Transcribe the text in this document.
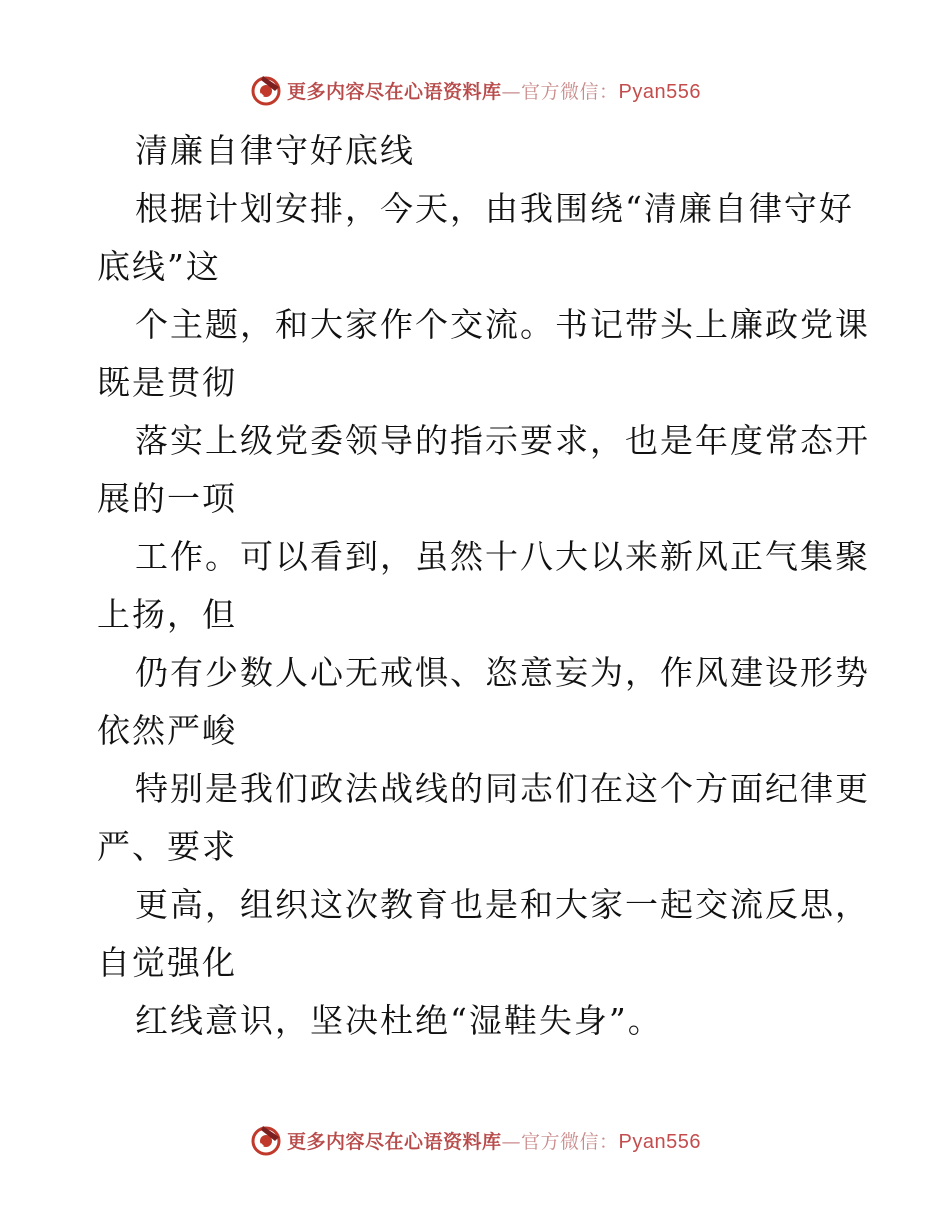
更多内容尽在心语资料库—官方微信：Pyan556
清廉自律守好底线
根据计划安排，今天，由我围绕“清廉自律守好
底线”这
个主题，和大家作个交流。书记带头上廉政党课
既是贯彻
落实上级党委领导的指示要求，也是年度常态开
展的一项
工作。可以看到，虽然十八大以来新风正气集聚
上扬，但
仍有少数人心无戒惧、恣意妄为，作风建设形势
依然严峻
特别是我们政法战线的同志们在这个方面纪律更
严、要求
更高，组织这次教育也是和大家一起交流反思，
自觉强化
红线意识，坚决杜绝“湿鞋失身”。
更多内容尽在心语资料库—官方微信：Pyan556
